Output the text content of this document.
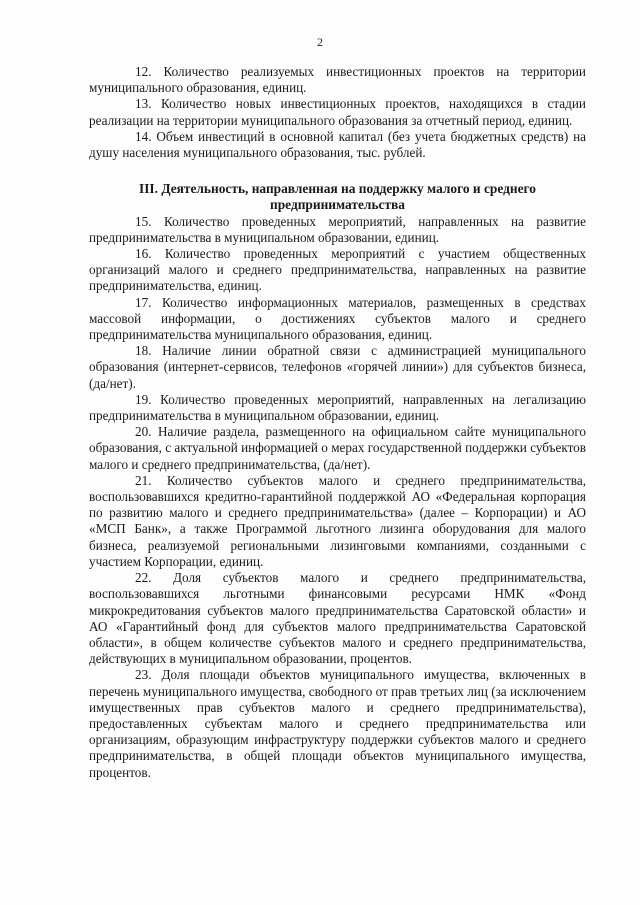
2

12. Количество реализуемых инвестиционных проектов на территории муниципального образования, единиц.

13. Количество новых инвестиционных проектов, находящихся в стадии реализации на территории муниципального образования за отчетный период, единиц.

14. Объем инвестиций в основной капитал (без учета бюджетных средств) на душу населения муниципального образования, тыс. рублей.

III. Деятельность, направленная на поддержку малого и среднего предпринимательства

15. Количество проведенных мероприятий, направленных на развитие предпринимательства в муниципальном образовании, единиц.

16. Количество проведенных мероприятий с участием общественных организаций малого и среднего предпринимательства, направленных на развитие предпринимательства, единиц.

17. Количество информационных материалов, размещенных в средствах массовой информации, о достижениях субъектов малого и среднего предпринимательства муниципального образования, единиц.

18. Наличие линии обратной связи с администрацией муниципального образования (интернет-сервисов, телефонов «горячей линии») для субъектов бизнеса, (да/нет).

19. Количество проведенных мероприятий, направленных на легализацию предпринимательства в муниципальном образовании, единиц.

20. Наличие раздела, размещенного на официальном сайте муниципального образования, с актуальной информацией о мерах государственной поддержки субъектов малого и среднего предпринимательства, (да/нет).

21. Количество субъектов малого и среднего предпринимательства, воспользовавшихся кредитно-гарантийной поддержкой АО «Федеральная корпорация по развитию малого и среднего предпринимательства» (далее – Корпорации) и АО «МСП Банк», а также Программой льготного лизинга оборудования для малого бизнеса, реализуемой региональными лизинговыми компаниями, созданными с участием Корпорации, единиц.

22. Доля субъектов малого и среднего предпринимательства, воспользовавшихся льготными финансовыми ресурсами НМК «Фонд микрокредитования субъектов малого предпринимательства Саратовской области» и АО «Гарантийный фонд для субъектов малого предпринимательства Саратовской области», в общем количестве субъектов малого и среднего предпринимательства, действующих в муниципальном образовании, процентов.

23. Доля площади объектов муниципального имущества, включенных в перечень муниципального имущества, свободного от прав третьих лиц (за исключением имущественных прав субъектов малого и среднего предпринимательства), предоставленных субъектам малого и среднего предпринимательства или организациям, образующим инфраструктуру поддержки субъектов малого и среднего предпринимательства, в общей площади объектов муниципального имущества, процентов.
